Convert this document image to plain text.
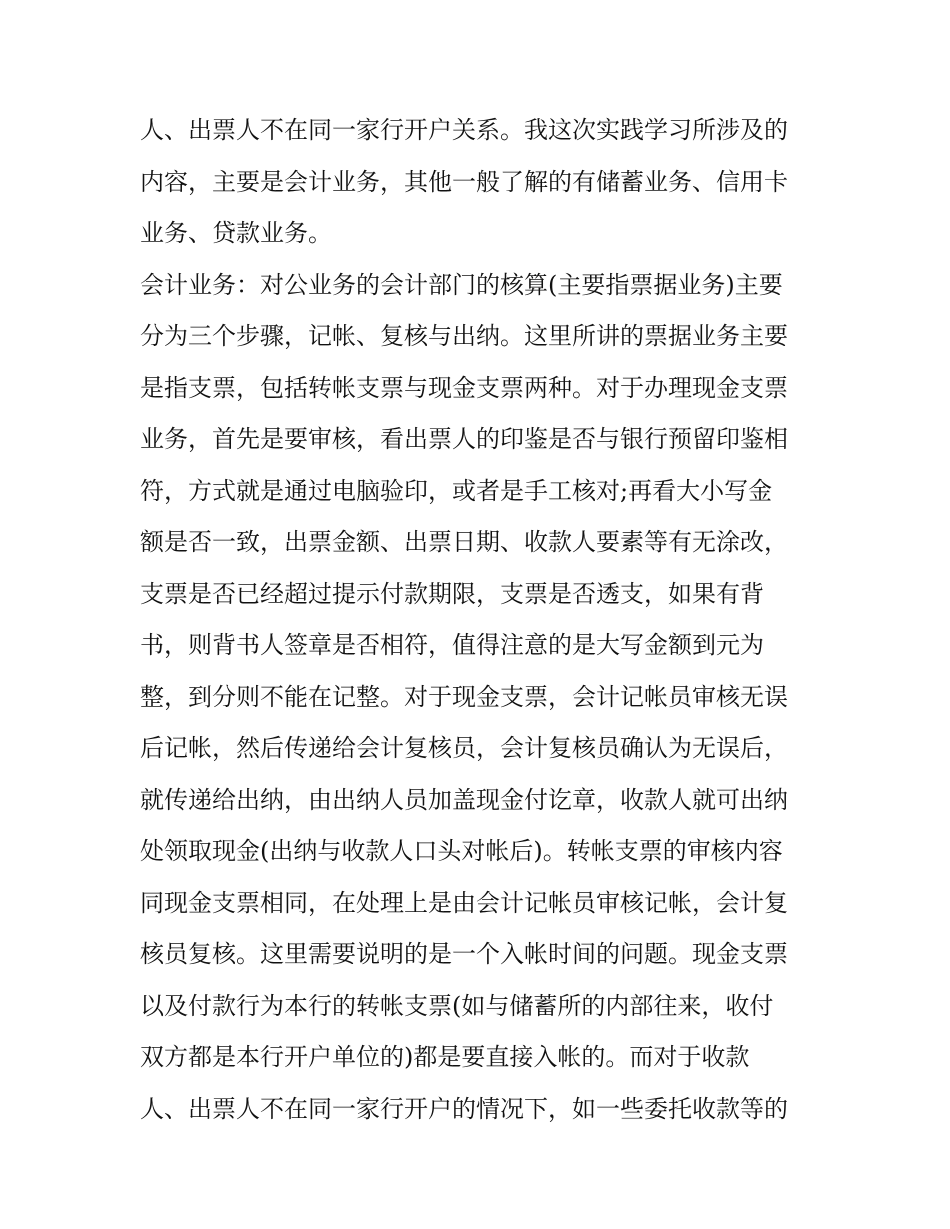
人、出票人不在同一家行开户关系。我这次实践学习所涉及的
内容，主要是会计业务，其他一般了解的有储蓄业务、信用卡
业务、贷款业务。
会计业务：对公业务的会计部门的核算(主要指票据业务)主要
分为三个步骤，记帐、复核与出纳。这里所讲的票据业务主要
是指支票，包括转帐支票与现金支票两种。对于办理现金支票
业务，首先是要审核，看出票人的印鉴是否与银行预留印鉴相
符，方式就是通过电脑验印，或者是手工核对;再看大小写金
额是否一致，出票金额、出票日期、收款人要素等有无涂改，
支票是否已经超过提示付款期限，支票是否透支，如果有背
书，则背书人签章是否相符，值得注意的是大写金额到元为
整，到分则不能在记整。对于现金支票，会计记帐员审核无误
后记帐，然后传递给会计复核员，会计复核员确认为无误后，
就传递给出纳，由出纳人员加盖现金付讫章，收款人就可出纳
处领取现金(出纳与收款人口头对帐后)。转帐支票的审核内容
同现金支票相同，在处理上是由会计记帐员审核记帐，会计复
核员复核。这里需要说明的是一个入帐时间的问题。现金支票
以及付款行为本行的转帐支票(如与储蓄所的内部往来，收付
双方都是本行开户单位的)都是要直接入帐的。而对于收款
人、出票人不在同一家行开户的情况下，如一些委托收款等的
